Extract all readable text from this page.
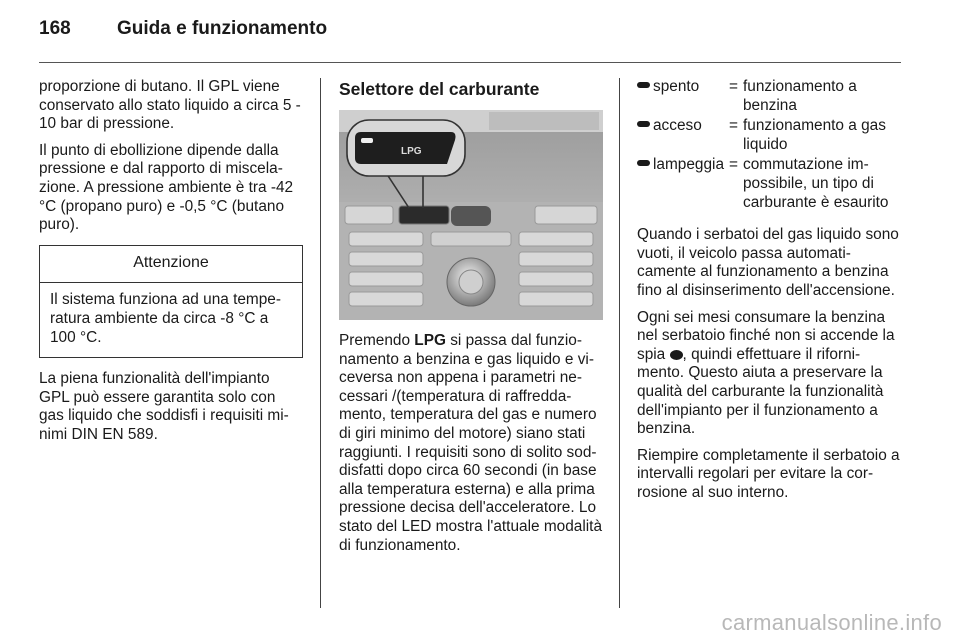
168 Guida e funzionamento

proporzione di butano. Il GPL viene conservato allo stato liquido a circa 5 - 10 bar di pressione.

Il punto di ebollizione dipende dalla pressione e dal rapporto di miscelazione. A pressione ambiente è tra -42 °C (propano puro) e -0,5 °C (butano puro).

Attenzione
Il sistema funziona ad una temperatura ambiente da circa -8 °C a 100 °C.

La piena funzionalità dell'impianto GPL può essere garantita solo con gas liquido che soddisfi i requisiti minimi DIN EN 589.

Selettore del carburante
LPG

Premendo LPG si passa dal funzionamento a benzina e gas liquido e viceversa non appena i parametri necessari /(temperatura di raffreddamento, temperatura del gas e numero di giri minimo del motore) siano stati raggiunti. I requisiti sono di solito soddisfatti dopo circa 60 secondi (in base alla temperatura esterna) e alla prima pressione decisa dell'acceleratore. Lo stato del LED mostra l'attuale modalità di funzionamento.

spento	=	funzionamento a benzina
acceso	=	funzionamento a gas liquido
lampeggia	=	commutazione impossibile, un tipo di carburante è esaurito

Quando i serbatoi del gas liquido sono vuoti, il veicolo passa automaticamente al funzionamento a benzina fino al disinserimento dell'accensione.

Ogni sei mesi consumare la benzina nel serbatoio finché non si accende la spia , quindi effettuare il rifornimento. Questo aiuta a preservare la qualità del carburante la funzionalità dell'impianto per il funzionamento a benzina.

Riempire completamente il serbatoio a intervalli regolari per evitare la corrosione al suo interno.

carmanualsonline.info
